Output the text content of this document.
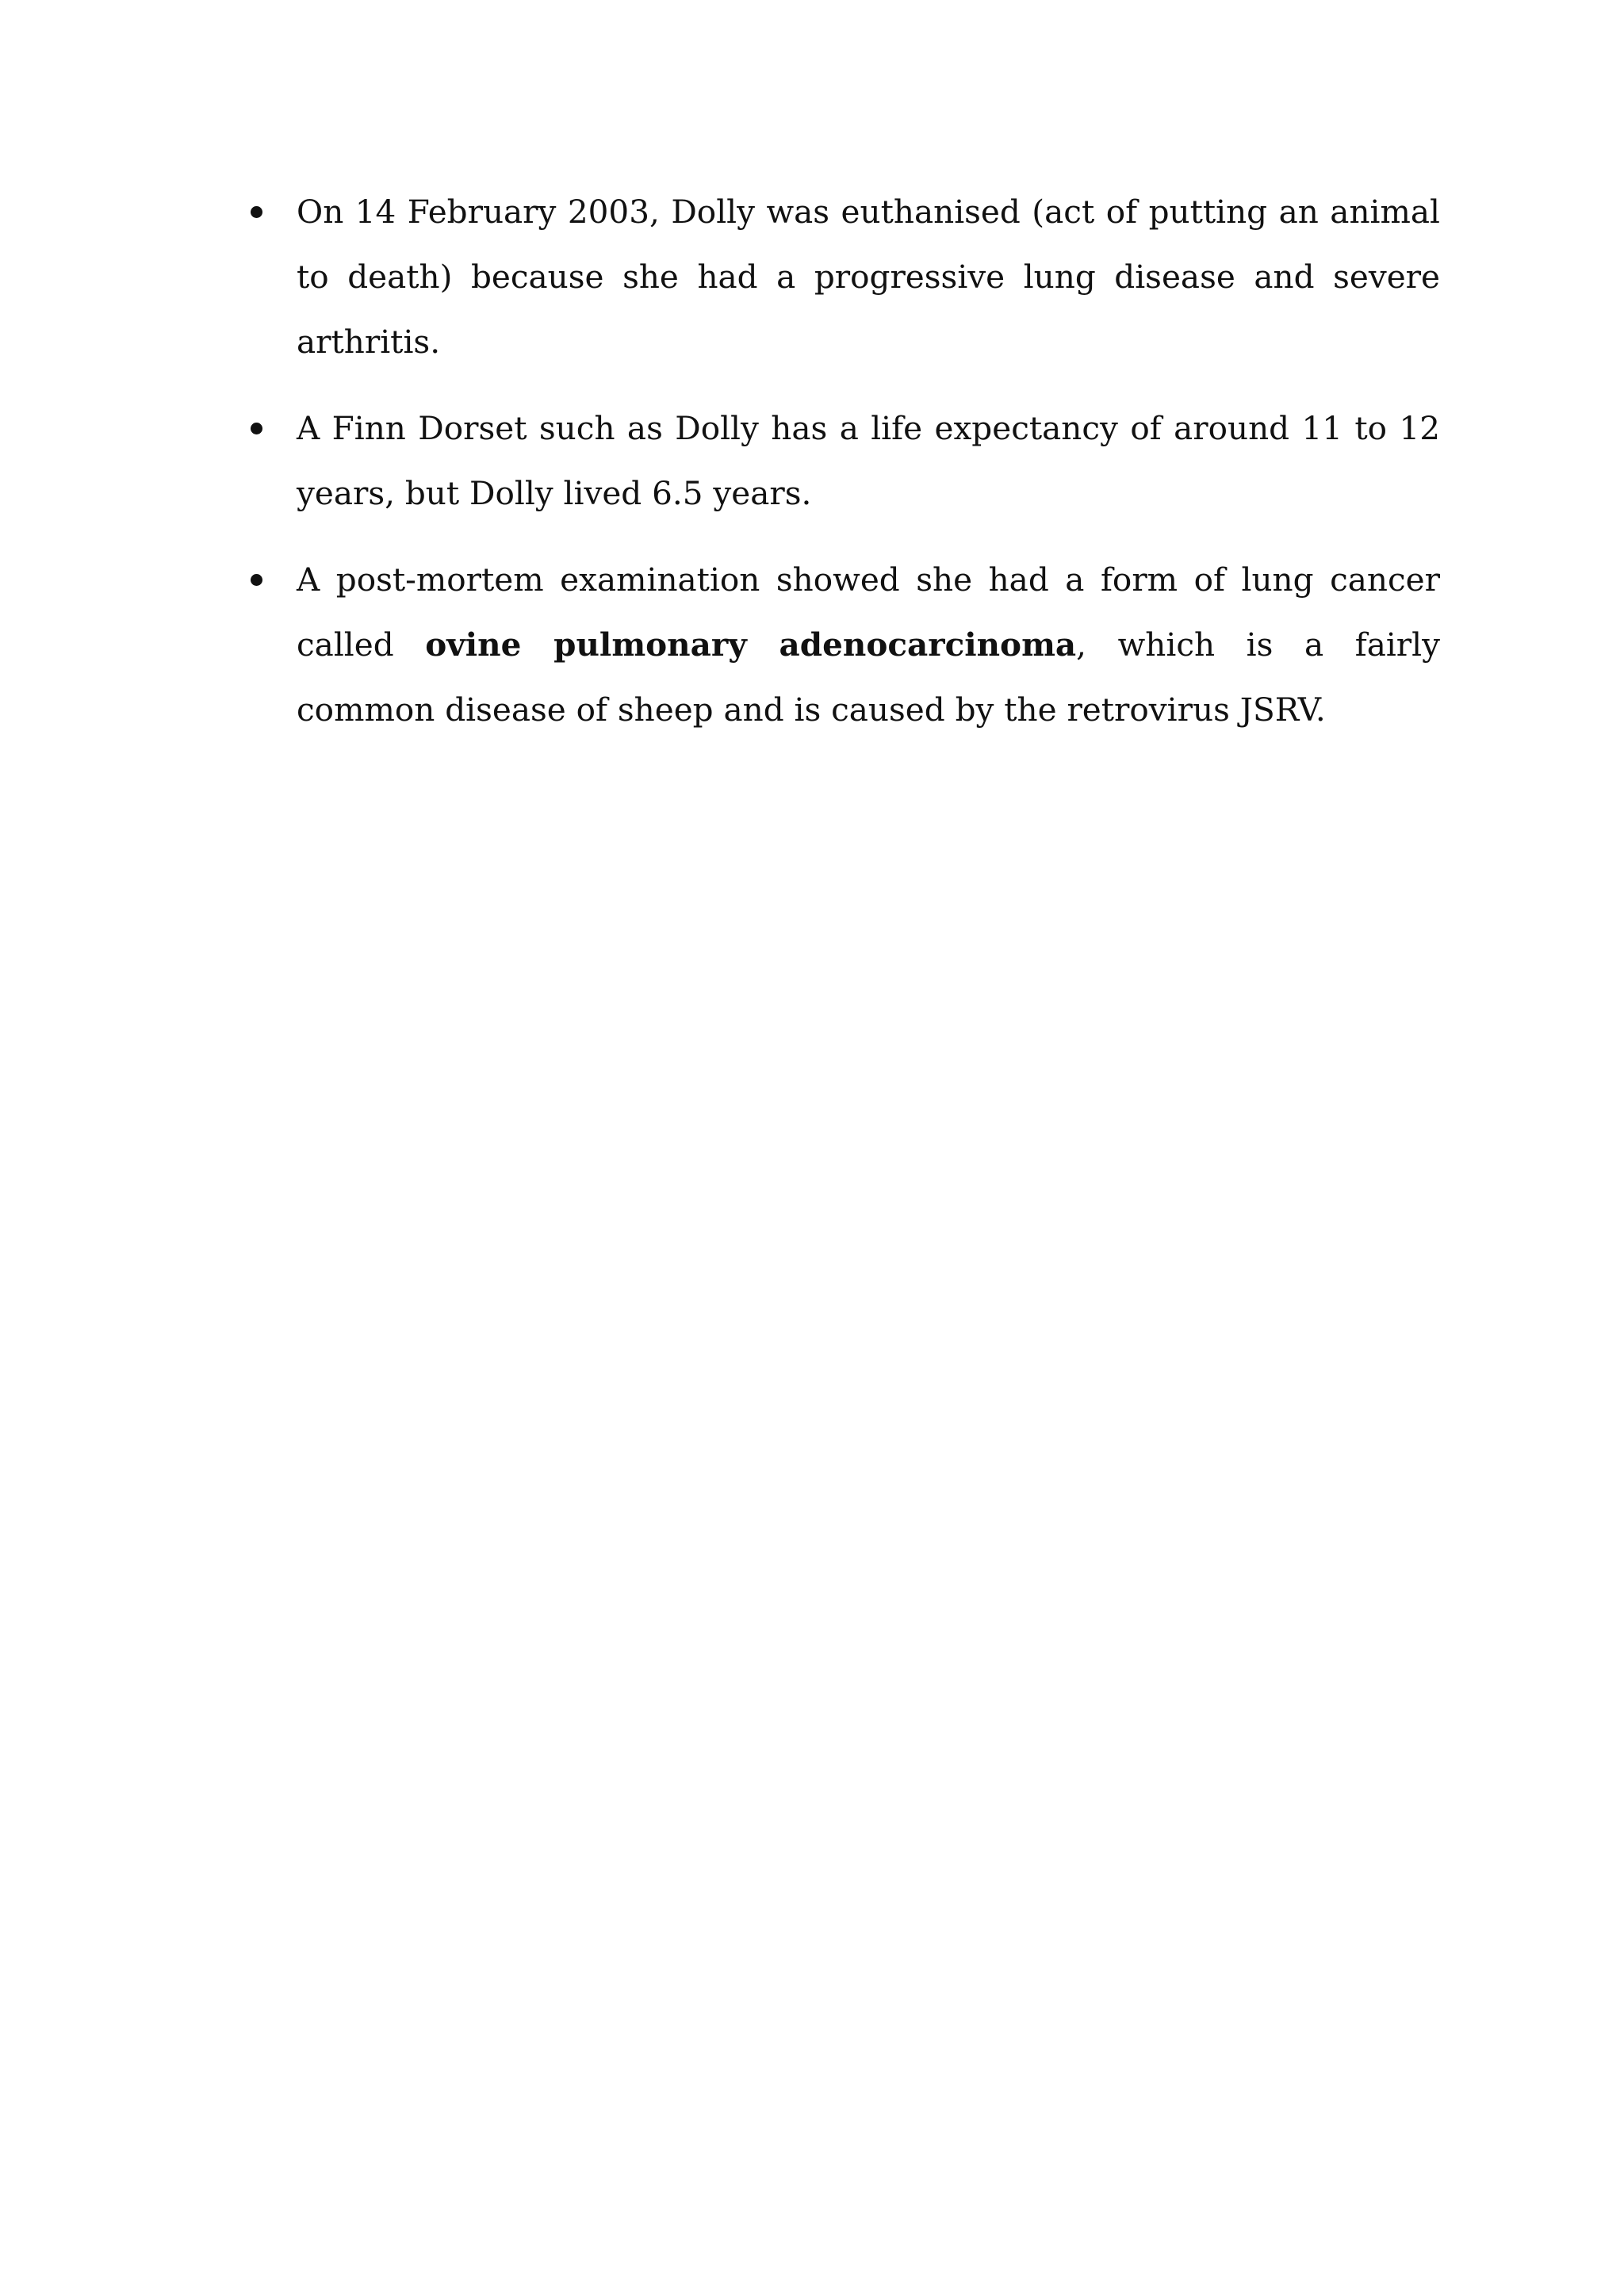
On 14 February 2003, Dolly was euthanised (act of putting an animal to death) because she had a progressive lung disease and severe arthritis.
A Finn Dorset such as Dolly has a life expectancy of around 11 to 12 years, but Dolly lived 6.5 years.
A post-mortem examination showed she had a form of lung cancer called ovine pulmonary adenocarcinoma, which is a fairly common disease of sheep and is caused by the retrovirus JSRV.
